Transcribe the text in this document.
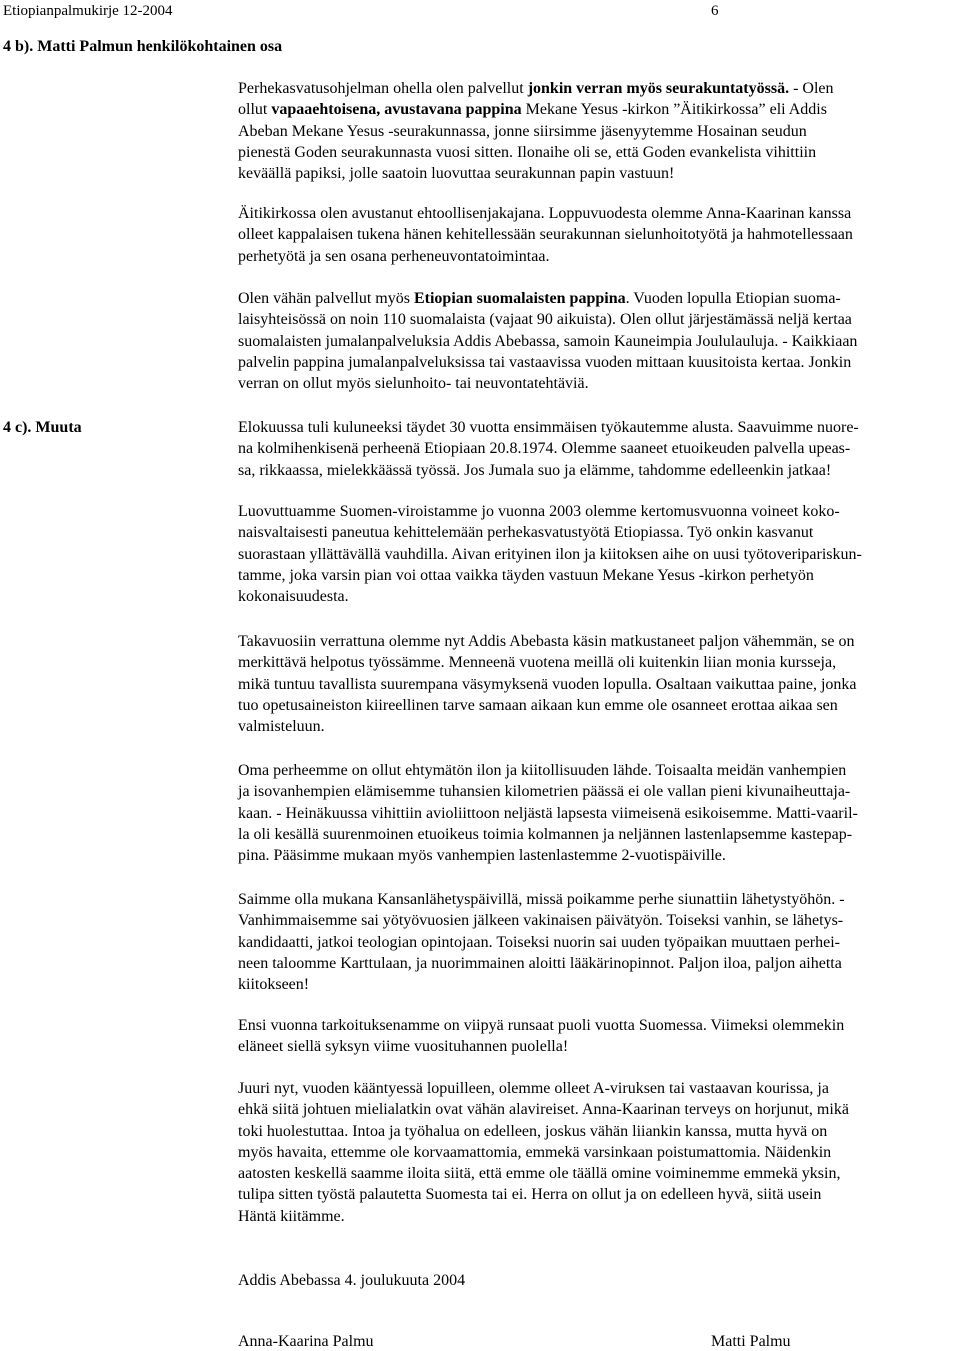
Etiopianpalmukirje 12-2004	6
4 b). Matti Palmun henkilökohtainen osa

Perhekasvatusohjelman ohella olen palvellut jonkin verran myös seurakuntatyössä. - Olen

ollut vapaaehtoisena, avustavana pappina Mekane Yesus -kirkon ”Äitikirkossa” eli Addis

Abeban Mekane Yesus -seurakunnassa, jonne siirsimme jäsenyytemme Hosainan seudun

pienestä Goden seurakunnasta vuosi sitten. Ilonaihe oli se, että Goden evankelista vihittiin

keväällä papiksi, jolle saatoin luovuttaa seurakunnan papin vastuun!

Äitikirkossa olen avustanut ehtoollisenjakajana. Loppuvuodesta olemme Anna-Kaarinan kanssa

olleet kappalaisen tukena hänen kehitellessään seurakunnan sielunhoitotyötä ja hahmotellessaan

perhetyötä ja sen osana perheneuvontatoimintaa.

Olen vähän palvellut myös Etiopian suomalaisten pappina. Vuoden lopulla Etiopian suoma-

laisyhteisössä on noin 110 suomalaista (vajaat 90 aikuista). Olen ollut järjestämässä neljä kertaa

suomalaisten jumalanpalveluksia Addis Abebassa, samoin Kauneimpia Joululauluja. - Kaikkiaan

palvelin pappina jumalanpalveluksissa tai vastaavissa vuoden mittaan kuusitoista kertaa. Jonkin

verran on ollut myös sielunhoito- tai neuvontatehtäviä.

4 c). Muuta	Elokuussa tuli kuluneeksi täydet 30 vuotta ensimmäisen työkautemme alusta. Saavuimme nuore-

na kolmihenkisenä perheenä Etiopiaan 20.8.1974. Olemme saaneet etuoikeuden palvella upeas-

sa, rikkaassa, mielekkäässä työssä. Jos Jumala suo ja elämme, tahdomme edelleenkin jatkaa!

Luovuttuamme Suomen-viroistamme jo vuonna 2003 olemme kertomusvuonna voineet koko-

naisvaltaisesti paneutua kehittelemään perhekasvatustyötä Etiopiassa. Työ onkin kasvanut

suorastaan yllättävällä vauhdilla. Aivan erityinen ilon ja kiitoksen aihe on uusi työtoveripariskun-

tamme, joka varsin pian voi ottaa vaikka täyden vastuun Mekane Yesus -kirkon perhetyön

kokonaisuudesta.

Takavuosiin verrattuna olemme nyt Addis Abebasta käsin matkustaneet paljon vähemmän, se on

merkittävä helpotus työssämme. Menneenä vuotena meillä oli kuitenkin liian monia kursseja,

mikä tuntuu tavallista suurempana väsymyksenä vuoden lopulla. Osaltaan vaikuttaa paine, jonka

tuo opetusaineiston kiireellinen tarve samaan aikaan kun emme ole osanneet erottaa aikaa sen

valmisteluun.

Oma perheemme on ollut ehtymätön ilon ja kiitollisuuden lähde. Toisaalta meidän vanhempien

ja isovanhempien elämisemme tuhansien kilometrien päässä ei ole vallan pieni kivunaiheuttaja-

kaan. - Heinäkuussa vihittiin avioliittoon neljästä lapsesta viimeisenä esikoisemme. Matti-vaaril-

la oli kesällä suurenmoinen etuoikeus toimia kolmannen ja neljännen lastenlapsemme kastepap-

pina. Pääsimme mukaan myös vanhempien lastenlastemme 2-vuotispäiville.

Saimme olla mukana Kansanlähetyspäivillä, missä poikamme perhe siunattiin lähetystyöhön. -

Vanhimmaisemme sai yötyövuosien jälkeen vakinaisen päivätyön. Toiseksi vanhin, se lähetys-

kandidaatti, jatkoi teologian opintojaan. Toiseksi nuorin sai uuden työpaikan muuttaen perhei-

neen taloomme Karttulaan, ja nuorimmainen aloitti lääkärinopinnot. Paljon iloa, paljon aihetta

kiitokseen!

Ensi vuonna tarkoituksenamme on viipyä runsaat puoli vuotta Suomessa. Viimeksi olemmekin

eläneet siellä syksyn viime vuosituhannen puolella!

Juuri nyt, vuoden kääntyessä lopuilleen, olemme olleet A-viruksen tai vastaavan kourissa, ja

ehkä siitä johtuen mielialatkin ovat vähän alavireiset. Anna-Kaarinan terveys on horjunut, mikä

toki huolestuttaa. Intoa ja työhalua on edelleen, joskus vähän liiankin kanssa, mutta hyvä on

myös havaita, ettemme ole korvaamattomia, emmekä varsinkaan poistumattomia. Näidenkin

aatosten keskellä saamme iloita siitä, että emme ole täällä omine voiminemme emmekä yksin,

tulipa sitten työstä palautetta Suomesta tai ei. Herra on ollut ja on edelleen hyvä, siitä usein

Häntä kiitämme.

Addis Abebassa 4. joulukuuta 2004

Anna-Kaarina Palmu	Matti Palmu
